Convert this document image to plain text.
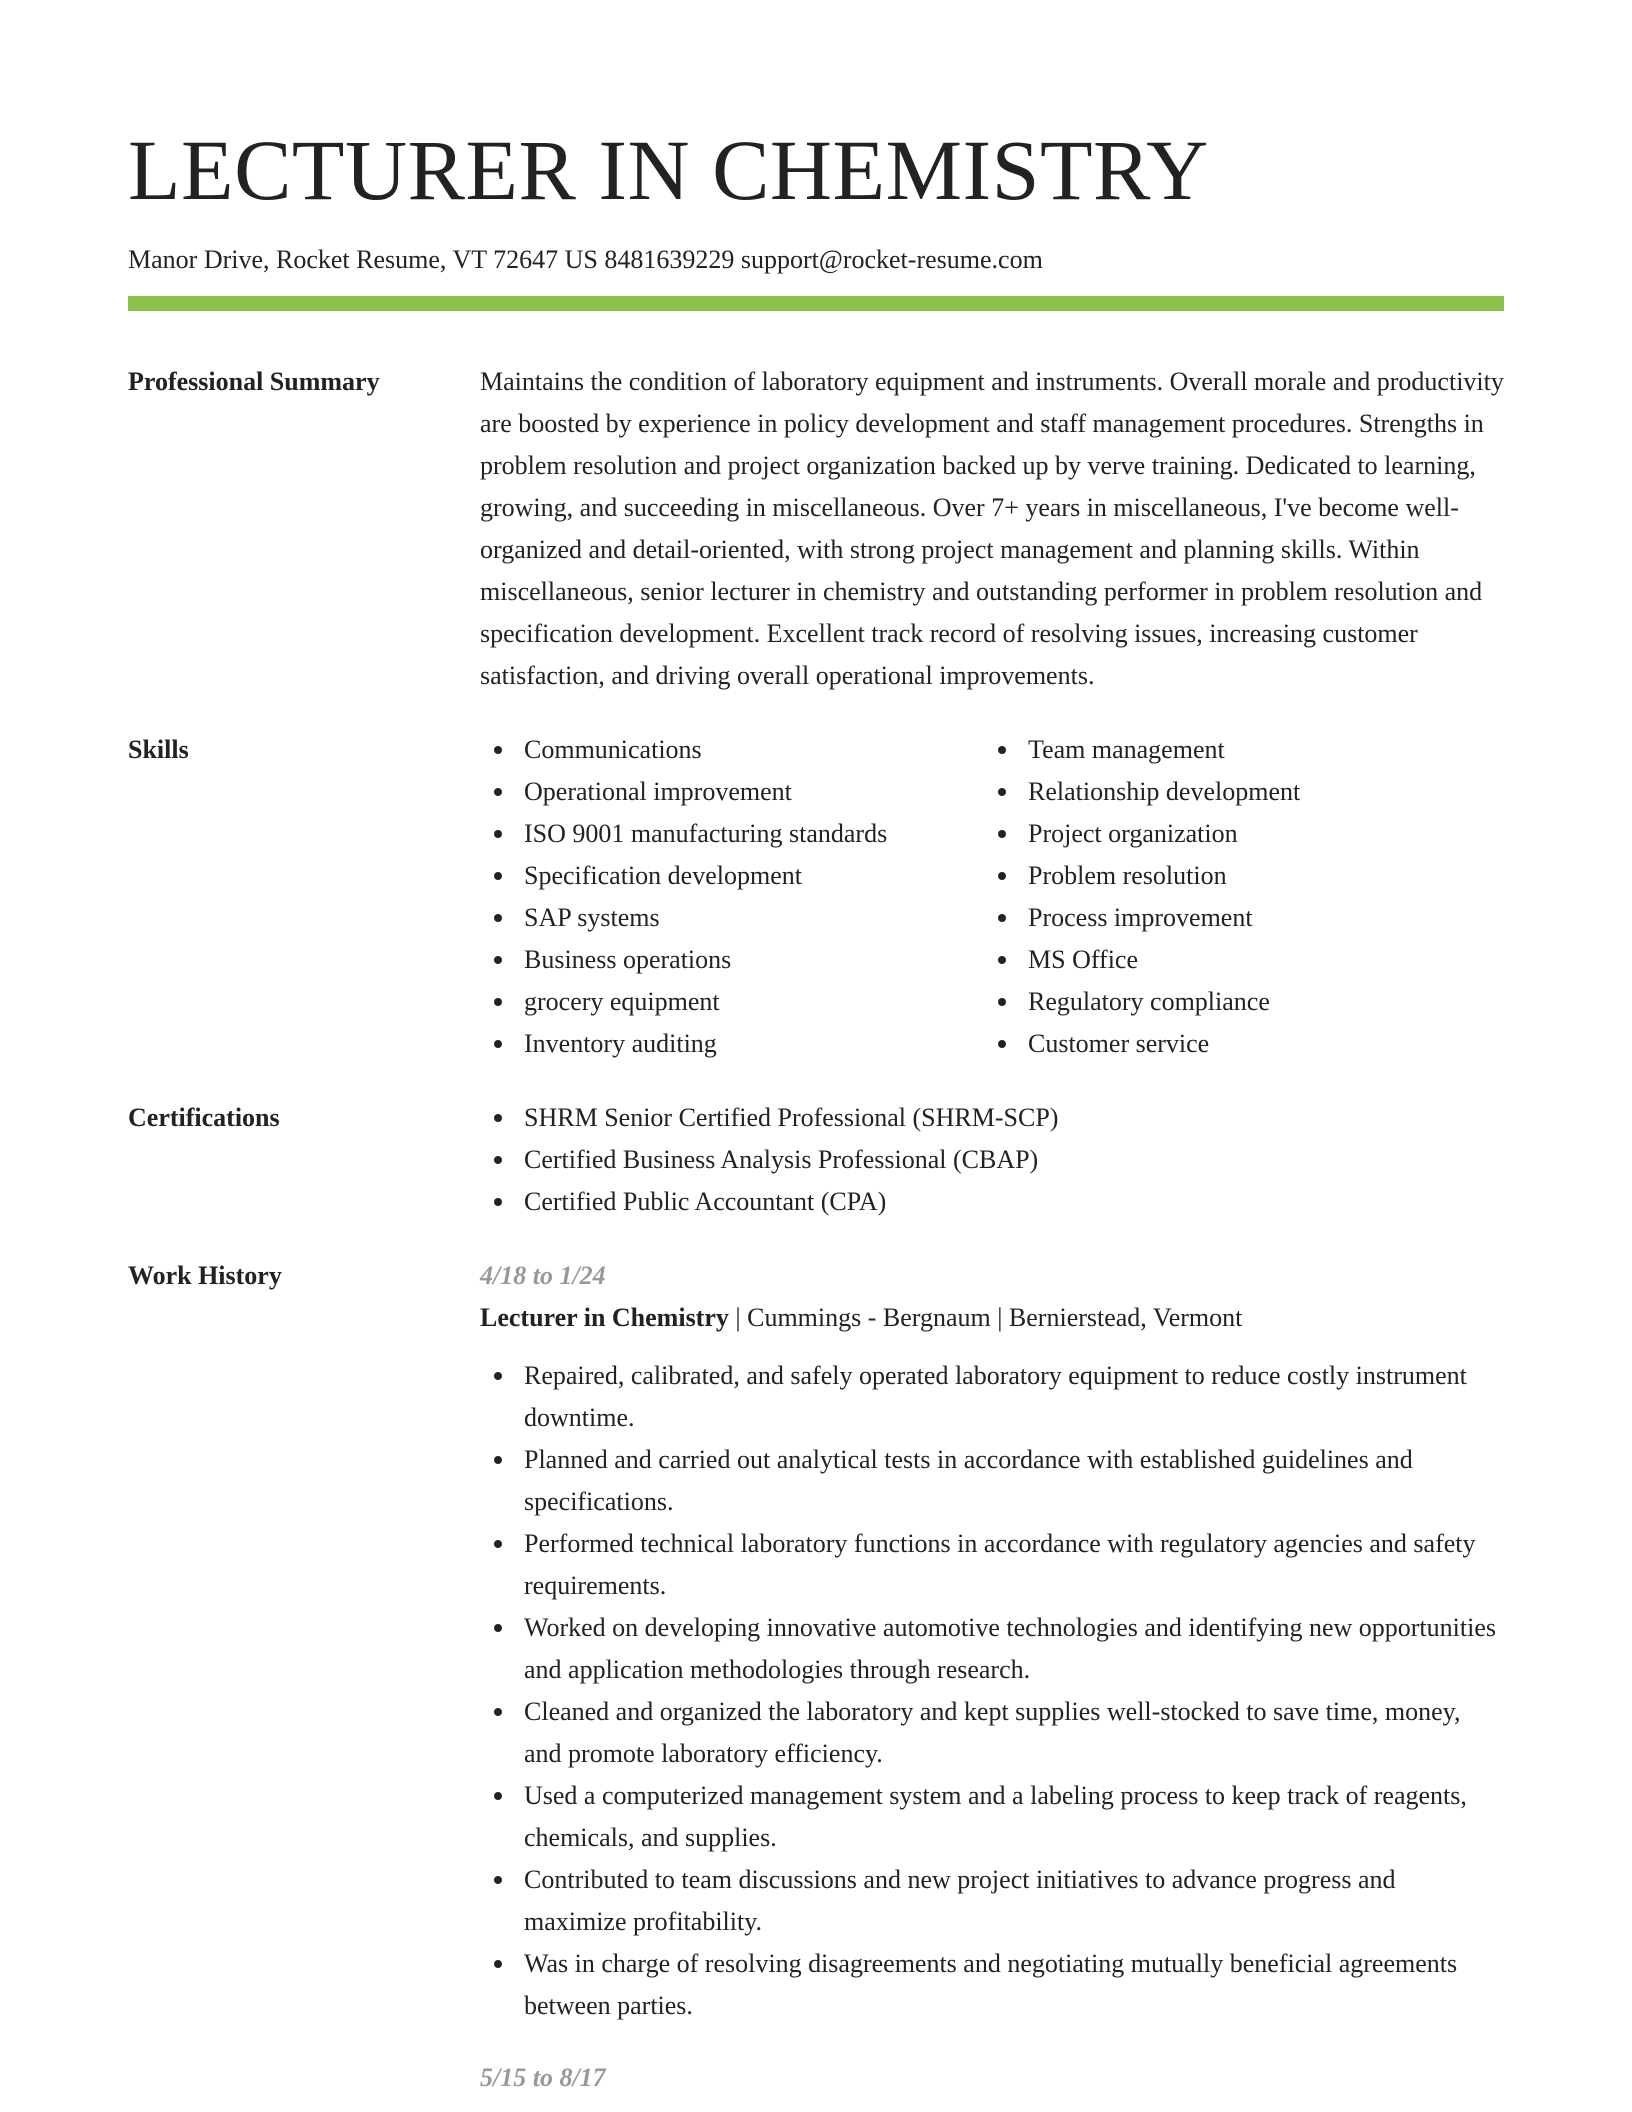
LECTURER IN CHEMISTRY
Manor Drive, Rocket Resume, VT 72647 US 8481639229 support@rocket-resume.com
Professional Summary	Maintains the condition of laboratory equipment and instruments. Overall morale and productivity are boosted by experience in policy development and staff management procedures. Strengths in problem resolution and project organization backed up by verve training. Dedicated to learning, growing, and succeeding in miscellaneous. Over 7+ years in miscellaneous, I've become well-organized and detail-oriented, with strong project management and planning skills. Within miscellaneous, senior lecturer in chemistry and outstanding performer in problem resolution and specification development. Excellent track record of resolving issues, increasing customer satisfaction, and driving overall operational improvements.

Skills	Communications
Operational improvement
ISO 9001 manufacturing standards
Specification development
SAP systems
Business operations
grocery equipment
Inventory auditing
Team management
Relationship development
Project organization
Problem resolution
Process improvement
MS Office
Regulatory compliance
Customer service
Certifications	SHRM Senior Certified Professional (SHRM-SCP)
Certified Business Analysis Professional (CBAP)
Certified Public Accountant (CPA)
Work History	4/18 to 1/24
Lecturer in Chemistry | Cummings - Bergnaum | Bernierstead, Vermont
Repaired, calibrated, and safely operated laboratory equipment to reduce costly instrument downtime.
Planned and carried out analytical tests in accordance with established guidelines and specifications.
Performed technical laboratory functions in accordance with regulatory agencies and safety requirements.
Worked on developing innovative automotive technologies and identifying new opportunities and application methodologies through research.
Cleaned and organized the laboratory and kept supplies well-stocked to save time, money, and promote laboratory efficiency.
Used a computerized management system and a labeling process to keep track of reagents, chemicals, and supplies.
Contributed to team discussions and new project initiatives to advance progress and maximize profitability.
Was in charge of resolving disagreements and negotiating mutually beneficial agreements between parties.
5/15 to 8/17
